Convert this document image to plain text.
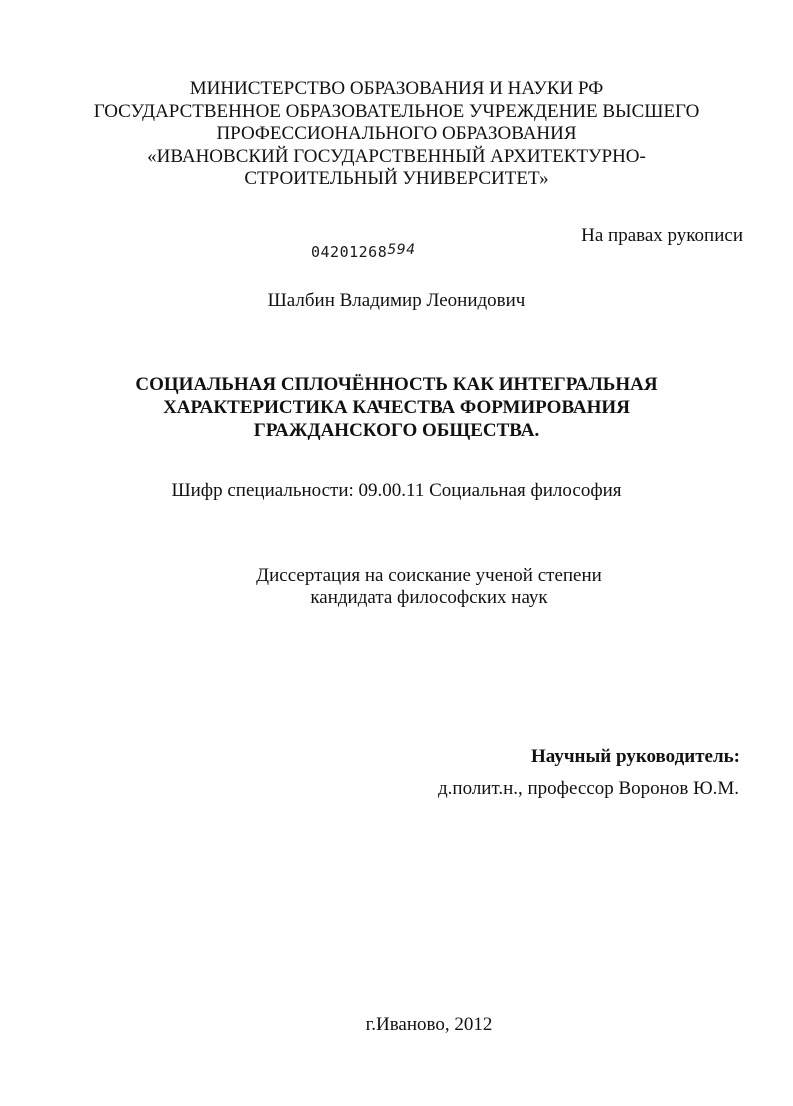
МИНИСТЕРСТВО ОБРАЗОВАНИЯ И НАУКИ РФ
ГОСУДАРСТВЕННОЕ ОБРАЗОВАТЕЛЬНОЕ УЧРЕЖДЕНИЕ ВЫСШЕГО
ПРОФЕССИОНАЛЬНОГО ОБРАЗОВАНИЯ
«ИВАНОВСКИЙ ГОСУДАРСТВЕННЫЙ АРХИТЕКТУРНО-
СТРОИТЕЛЬНЫЙ УНИВЕРСИТЕТ»
На правах рукописи
04201268594
Шалбин Владимир Леонидович
СОЦИАЛЬНАЯ СПЛОЧЁННОСТЬ КАК ИНТЕГРАЛЬНАЯ
ХАРАКТЕРИСТИКА КАЧЕСТВА ФОРМИРОВАНИЯ
ГРАЖДАНСКОГО ОБЩЕСТВА.
Шифр специальности: 09.00.11 Социальная философия
Диссертация на соискание ученой степени
кандидата философских наук
Научный руководитель:
д.полит.н., профессор Воронов Ю.М.
г.Иваново, 2012
